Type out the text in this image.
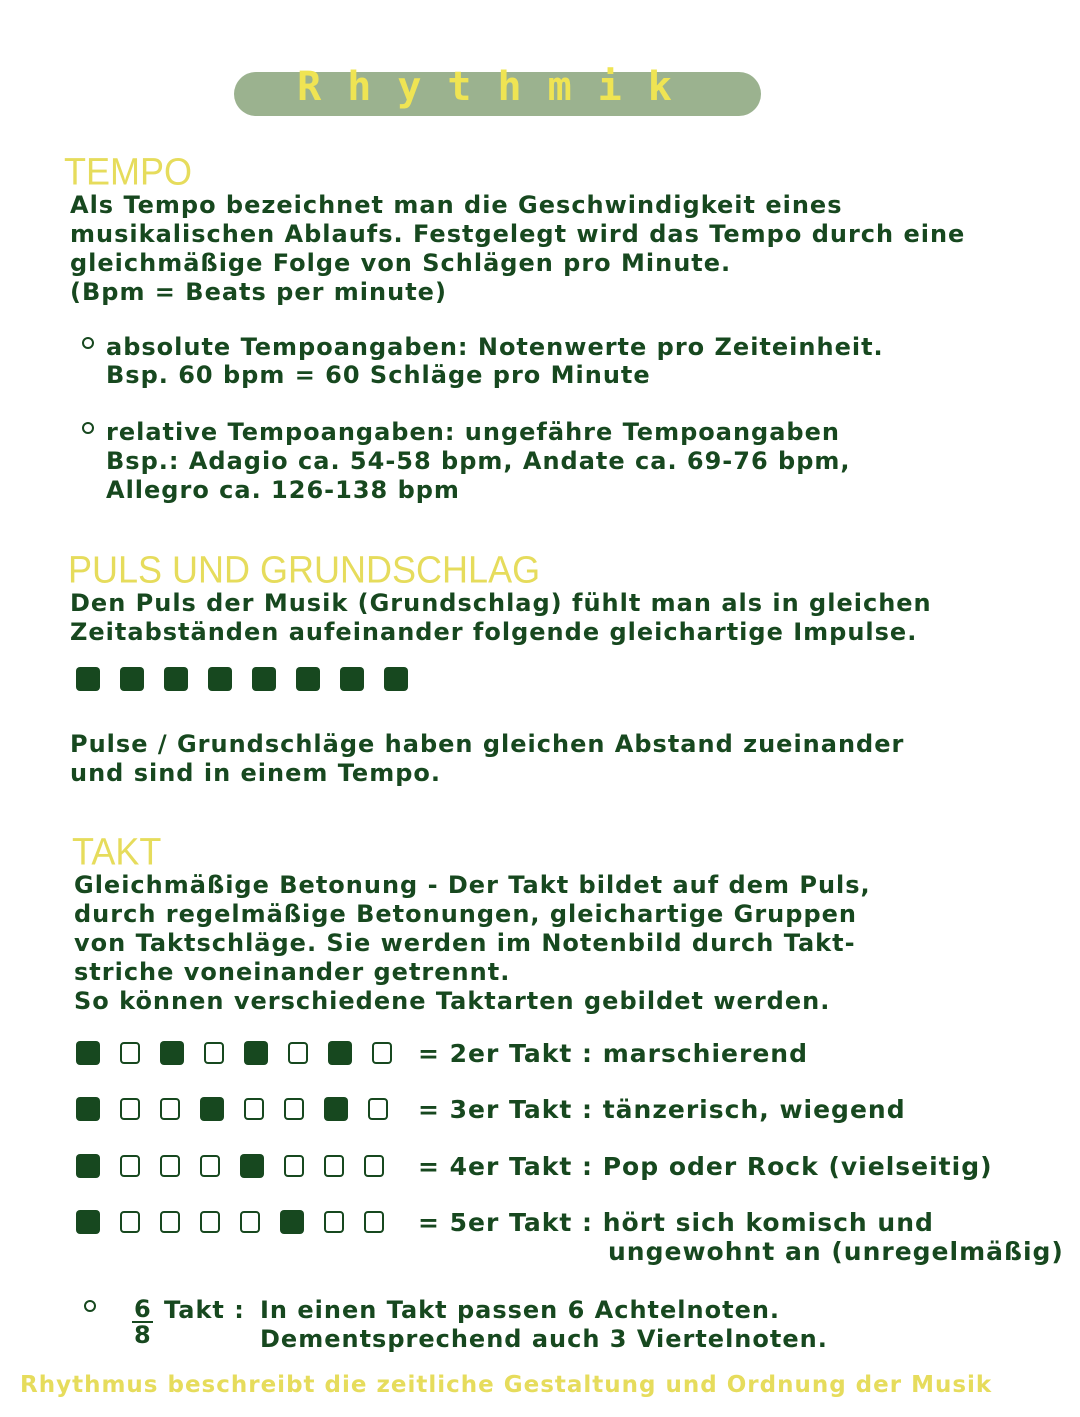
Rhythmik
TEMPO
Als Tempo bezeichnet man die Geschwindigkeit eines
musikalischen Ablaufs. Festgelegt wird das Tempo durch eine
gleichmäßige Folge von Schlägen pro Minute.
(Bpm = Beats per minute)
absolute Tempoangaben: Notenwerte pro Zeiteinheit.
Bsp. 60 bpm = 60 Schläge pro Minute
relative Tempoangaben: ungefähre Tempoangaben
Bsp.: Adagio ca. 54-58 bpm, Andate ca. 69-76 bpm,
Allegro ca. 126-138 bpm
PULS UND GRUNDSCHLAG
Den Puls der Musik (Grundschlag) fühlt man als in gleichen
Zeitabständen aufeinander folgende gleichartige Impulse.
Pulse / Grundschläge haben gleichen Abstand zueinander
und sind in einem Tempo.
TAKT
Gleichmäßige Betonung - Der Takt bildet auf dem Puls,
durch regelmäßige Betonungen, gleichartige Gruppen
von Taktschläge. Sie werden im Notenbild durch Takt-
striche voneinander getrennt.
So können verschiedene Taktarten gebildet werden.
= 2er Takt : marschierend
= 3er Takt : tänzerisch, wiegend
= 4er Takt : Pop oder Rock (vielseitig)
= 5er Takt : hört sich komisch und
ungewohnt an (unregelmäßig)
$\frac{6}{8}$ Takt : In einen Takt passen 6 Achtelnoten.
Dementsprechend auch 3 Viertelnoten.
Rhythmus beschreibt die zeitliche Gestaltung und Ordnung der Musik
